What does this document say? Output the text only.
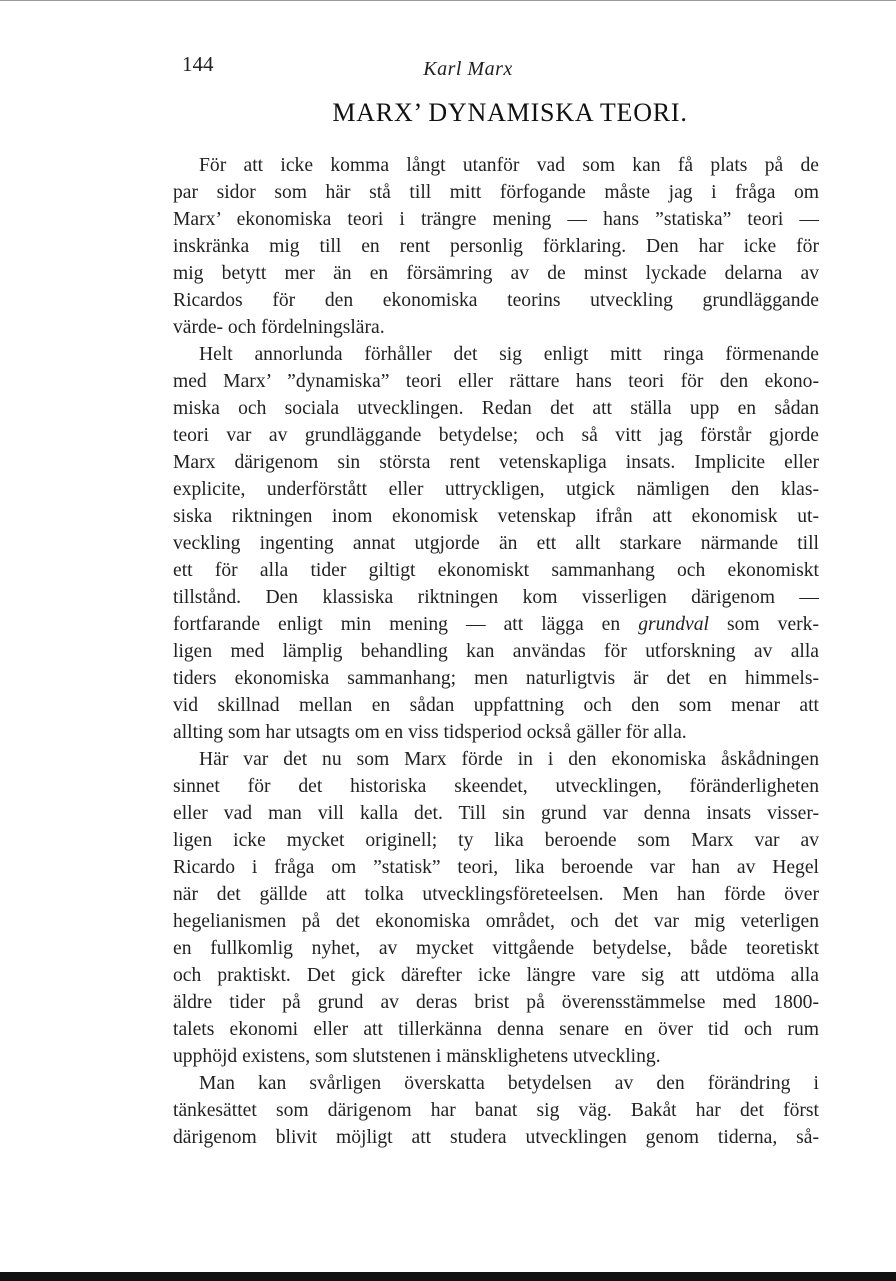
144	Karl Marx
MARX’ DYNAMISKA TEORI.
För att icke komma långt utanför vad som kan få plats på de
par sidor som här stå till mitt förfogande måste jag i fråga om
Marx’ ekonomiska teori i trängre mening — hans ”statiska” teori —
inskränka mig till en rent personlig förklaring. Den har icke för
mig betytt mer än en försämring av de minst lyckade delarna av
Ricardos för den ekonomiska teorins utveckling grundläggande
värde- och fördelningslära.
Helt annorlunda förhåller det sig enligt mitt ringa förmenande
med Marx’ ”dynamiska” teori eller rättare hans teori för den ekono-
miska och sociala utvecklingen. Redan det att ställa upp en sådan
teori var av grundläggande betydelse; och så vitt jag förstår gjorde
Marx därigenom sin största rent vetenskapliga insats. Implicite eller
explicite, underförstått eller uttryckligen, utgick nämligen den klas-
siska riktningen inom ekonomisk vetenskap ifrån att ekonomisk ut-
veckling ingenting annat utgjorde än ett allt starkare närmande till
ett för alla tider giltigt ekonomiskt sammanhang och ekonomiskt
tillstånd. Den klassiska riktningen kom visserligen därigenom —
fortfarande enligt min mening — att lägga en grundval som verk-
ligen med lämplig behandling kan användas för utforskning av alla
tiders ekonomiska sammanhang; men naturligtvis är det en himmels-
vid skillnad mellan en sådan uppfattning och den som menar att
allting som har utsagts om en viss tidsperiod också gäller för alla.
Här var det nu som Marx förde in i den ekonomiska åskådningen
sinnet för det historiska skeendet, utvecklingen, föränderligheten
eller vad man vill kalla det. Till sin grund var denna insats visser-
ligen icke mycket originell; ty lika beroende som Marx var av
Ricardo i fråga om ”statisk” teori, lika beroende var han av Hegel
när det gällde att tolka utvecklingsföreteelsen. Men han förde över
hegelianismen på det ekonomiska området, och det var mig veterligen
en fullkomlig nyhet, av mycket vittgående betydelse, både teoretiskt
och praktiskt. Det gick därefter icke längre vare sig att utdöma alla
äldre tider på grund av deras brist på överensstämmelse med 1800-
talets ekonomi eller att tillerkänna denna senare en över tid och rum
upphöjd existens, som slutstenen i mänsklighetens utveckling.
Man kan svårligen överskatta betydelsen av den förändring i
tänkesättet som därigenom har banat sig väg. Bakåt har det först
därigenom blivit möjligt att studera utvecklingen genom tiderna, så-
